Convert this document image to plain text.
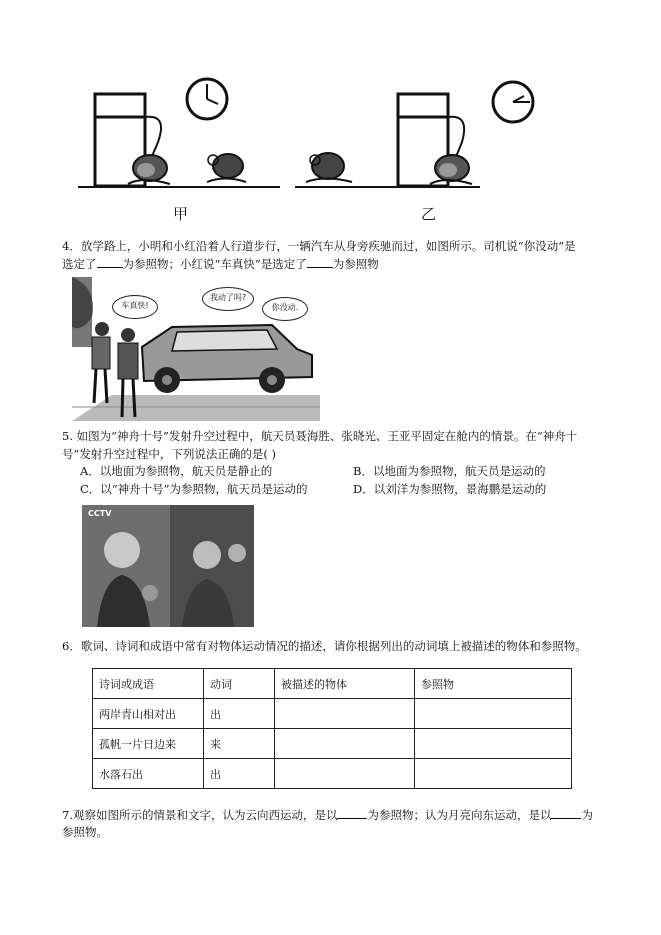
甲	乙
4．放学路上，小明和小红沿着人行道步行，一辆汽车从身旁疾驰而过，如图所示。司机说“你没动”是
选定了 为参照物；小红说“车真快”是选定了 为参照物
车真快!
我动了吗?
你没动.
5. 如图为“神舟十号”发射升空过程中，航天员聂海胜、张晓光、王亚平固定在舱内的情景。在“神舟十
号”发射升空过程中，下列说法正确的是( )
A．以地面为参照物，航天员是静止的	B．以地面为参照物，航天员是运动的
C．以“神舟十号”为参照物，航天员是运动的	D．以刘洋为参照物，景海鹏是运动的
CCTV
6．歌词、诗词和成语中常有对物体运动情况的描述，请你根据列出的动词填上被描述的物体和参照物。
诗词或成语	动词	被描述的物体	参照物
两岸青山相对出	出		
孤帆一片日边来	来		
水落石出	出		
7.观察如图所示的情景和文字，认为云向西运动，是以	为参照物；认为月亮向东运动，是以	为
参照物。
